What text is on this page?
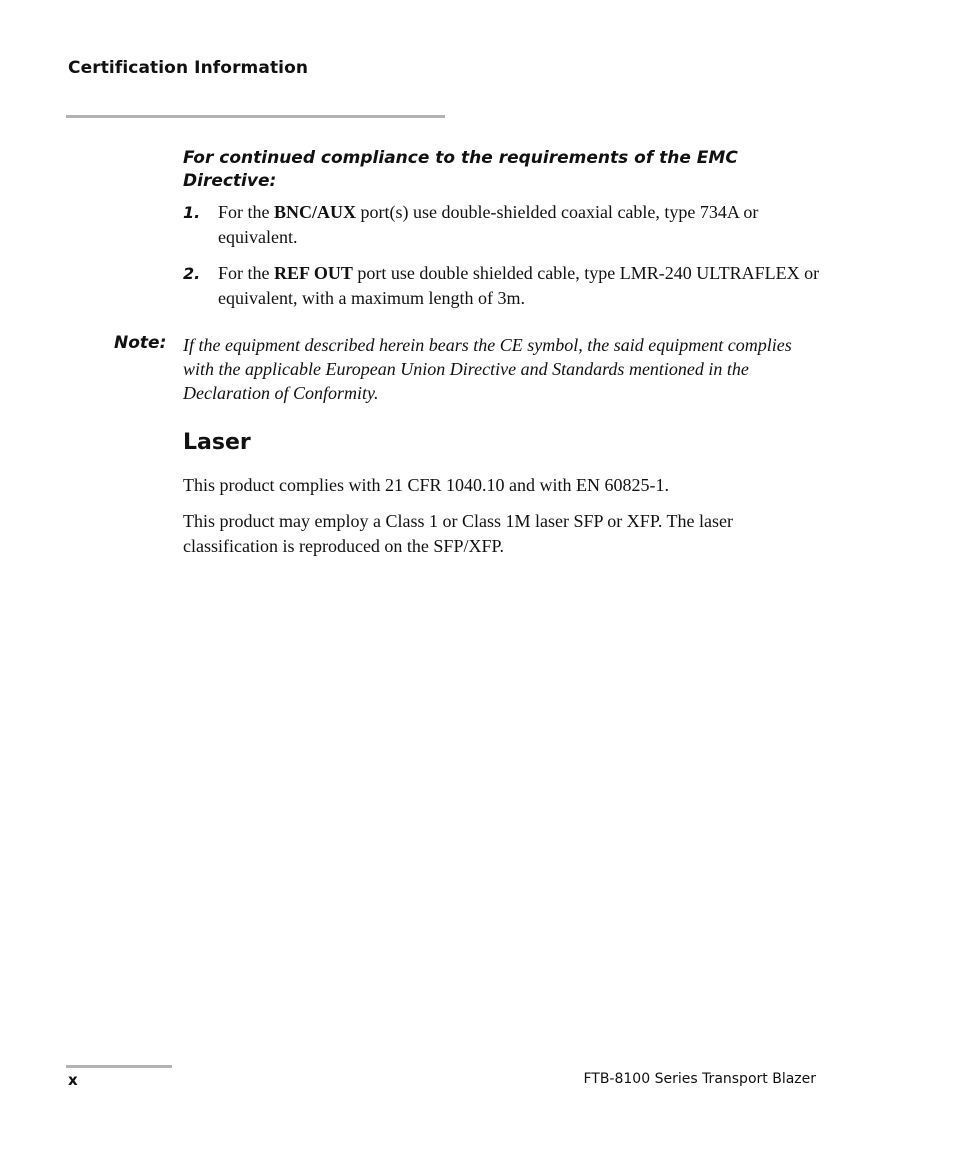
Certification Information
For continued compliance to the requirements of the EMC Directive:
1. For the BNC/AUX port(s) use double-shielded coaxial cable, type 734A or equivalent.
2. For the REF OUT port use double shielded cable, type LMR-240 ULTRAFLEX or equivalent, with a maximum length of 3m.
Note: If the equipment described herein bears the CE symbol, the said equipment complies with the applicable European Union Directive and Standards mentioned in the Declaration of Conformity.
Laser
This product complies with 21 CFR 1040.10 and with EN 60825-1.
This product may employ a Class 1 or Class 1M laser SFP or XFP. The laser classification is reproduced on the SFP/XFP.
x	FTB-8100 Series Transport Blazer
